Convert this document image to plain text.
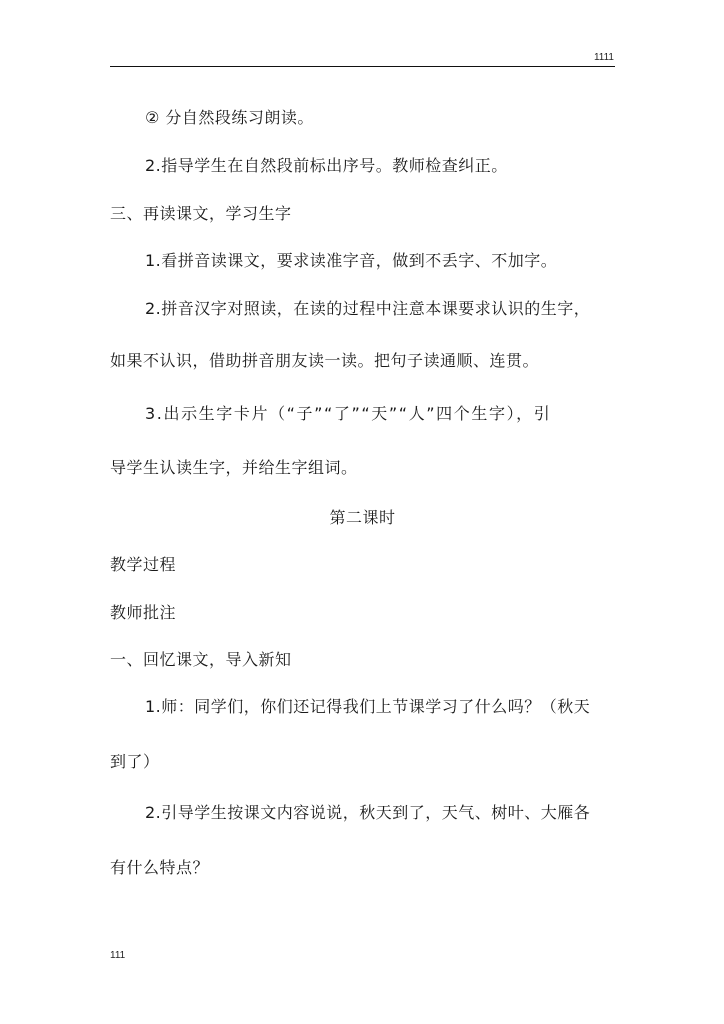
1111
② 分自然段练习朗读。
2.指导学生在自然段前标出序号。教师检查纠正。
三、再读课文，学习生字
1.看拼音读课文，要求读准字音，做到不丢字、不加字。
2.拼音汉字对照读，在读的过程中注意本课要求认识的生字，
如果不认识，借助拼音朋友读一读。把句子读通顺、连贯。
3.出示生字卡片（“子”“了”“天”“人”四个生字），引
导学生认读生字，并给生字组词。
第二课时
教学过程
教师批注
一、回忆课文，导入新知
1.师：同学们，你们还记得我们上节课学习了什么吗？（秋天
到了）
2.引导学生按课文内容说说，秋天到了，天气、树叶、大雁各
有什么特点？
111
